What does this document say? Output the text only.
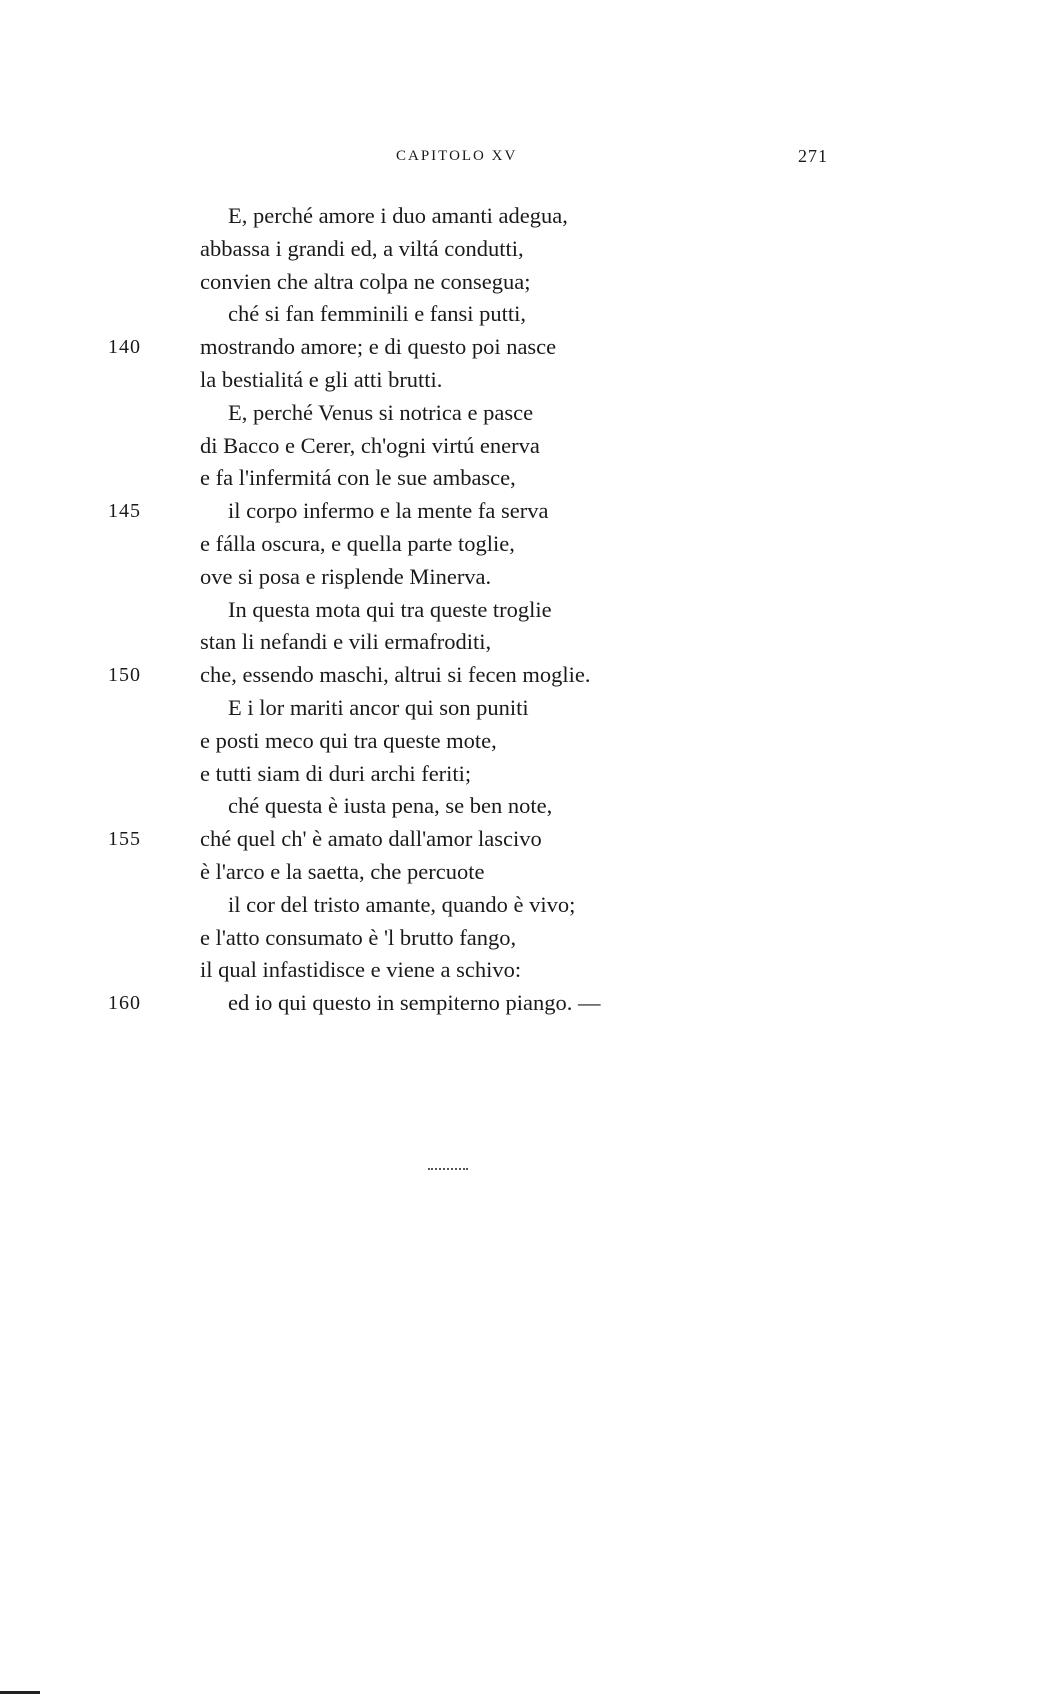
CAPITOLO XV	271
E, perché amore i duo amanti adegua,
abbassa i grandi ed, a viltá condutti,
convien che altra colpa ne consegua;
ché si fan femminili e fansi putti,
140	mostrando amore; e di questo poi nasce
la bestialitá e gli atti brutti.
E, perché Venus si notrica e pasce
di Bacco e Cerer, ch'ogni virtú enerva
e fa l'infermitá con le sue ambasce,
145	il corpo infermo e la mente fa serva
e fálla oscura, e quella parte toglie,
ove si posa e risplende Minerva.
In questa mota qui tra queste troglie
stan li nefandi e vili ermafroditi,
150	che, essendo maschi, altrui si fecen moglie.
E i lor mariti ancor qui son puniti
e posti meco qui tra queste mote,
e tutti siam di duri archi feriti;
ché questa è iusta pena, se ben note,
155	ché quel ch' è amato dall'amor lascivo
è l'arco e la saetta, che percuote
il cor del tristo amante, quando è vivo;
e l'atto consumato è 'l brutto fango,
il qual infastidisce e viene a schivo:
160	ed io qui questo in sempiterno piango. —
